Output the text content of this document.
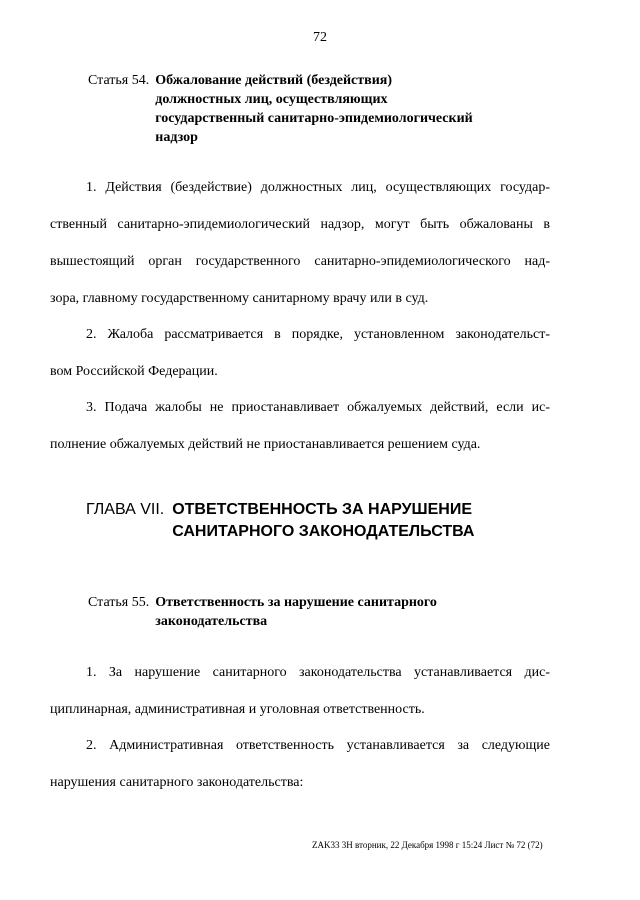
72
Статья 54. Обжалование действий (бездействия)
должностных лиц, осуществляющих
государственный санитарно-эпидемиологический
надзор
1. Действия (бездействие) должностных лиц, осуществляющих государ-
ственный санитарно-эпидемиологический надзор, могут быть обжалованы в
вышестоящий орган государственного санитарно-эпидемиологического над-
зора, главному государственному санитарному врачу или в суд.
2. Жалоба рассматривается в порядке, установленном законодательст-
вом Российской Федерации.
3. Подача жалобы не приостанавливает обжалуемых действий, если ис-
полнение обжалуемых действий не приостанавливается решением суда.
ГЛАВА VII. ОТВЕТСТВЕННОСТЬ ЗА НАРУШЕНИЕ
САНИТАРНОГО ЗАКОНОДАТЕЛЬСТВА
Статья 55. Ответственность за нарушение санитарного
законодательства
1. За нарушение санитарного законодательства устанавливается дис-
циплинарная, административная и уголовная ответственность.
2. Административная ответственность устанавливается за следующие
нарушения санитарного законодательства:
ZAK33 3Н вторник, 22 Декабря 1998 г 15:24 Лист № 72 (72)
